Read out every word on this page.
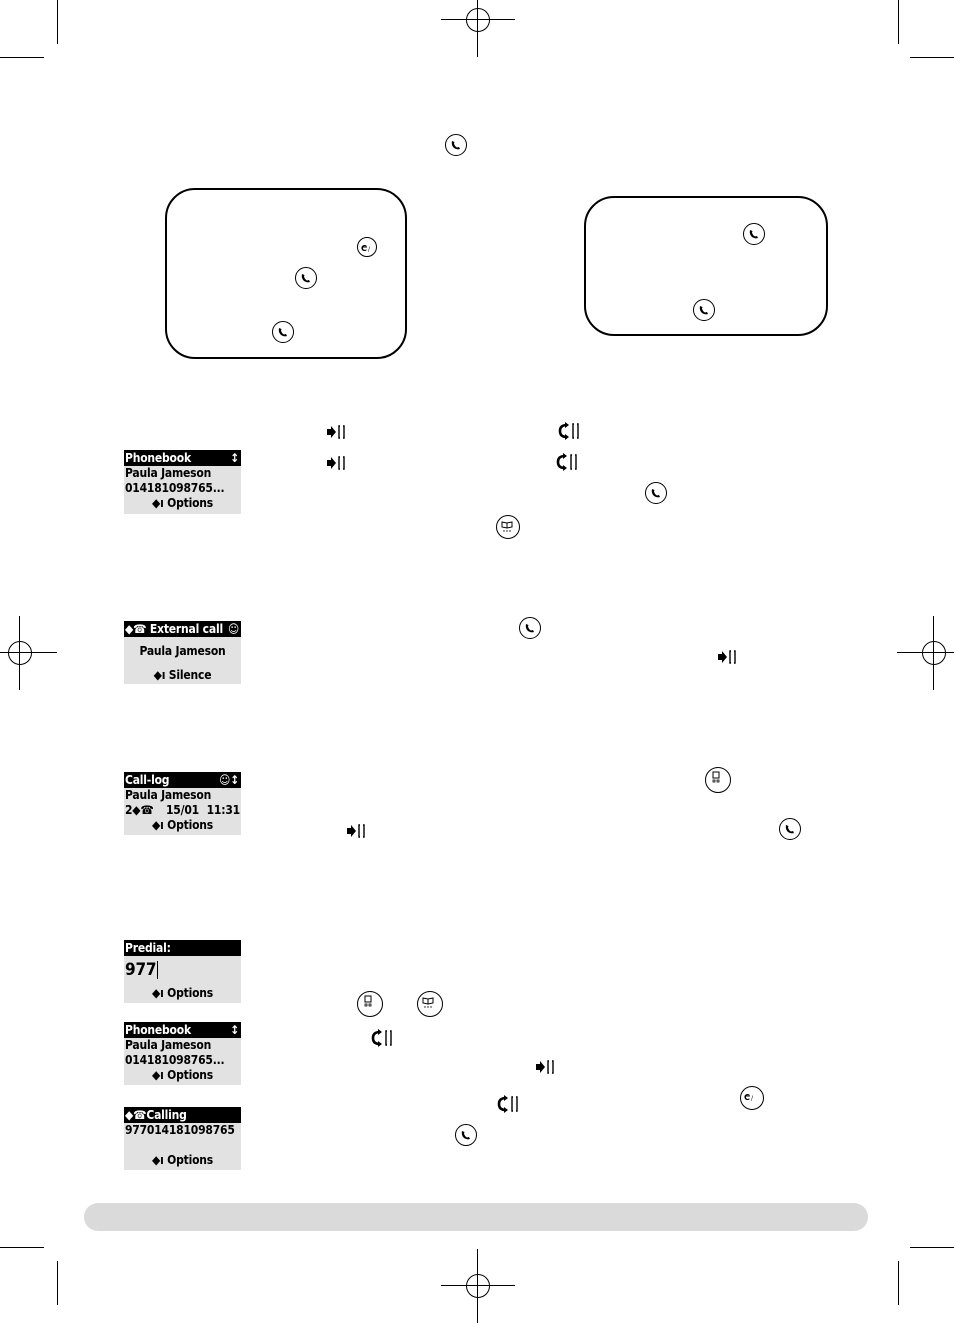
C /
C /
Phonebook	↕
Paula Jameson
014181098765...
◆ı Options
◆☎ External call ☺
Paula Jameson
◆ı Silence
Call-log	☺↕
Paula Jameson
2◆☎ 15/01 11:31
◆ı Options
Predial:
977
◆ı Options
Phonebook	↕
Paula Jameson
014181098765...
◆ı Options
◆☎Calling
977014181098765
◆ı Options
